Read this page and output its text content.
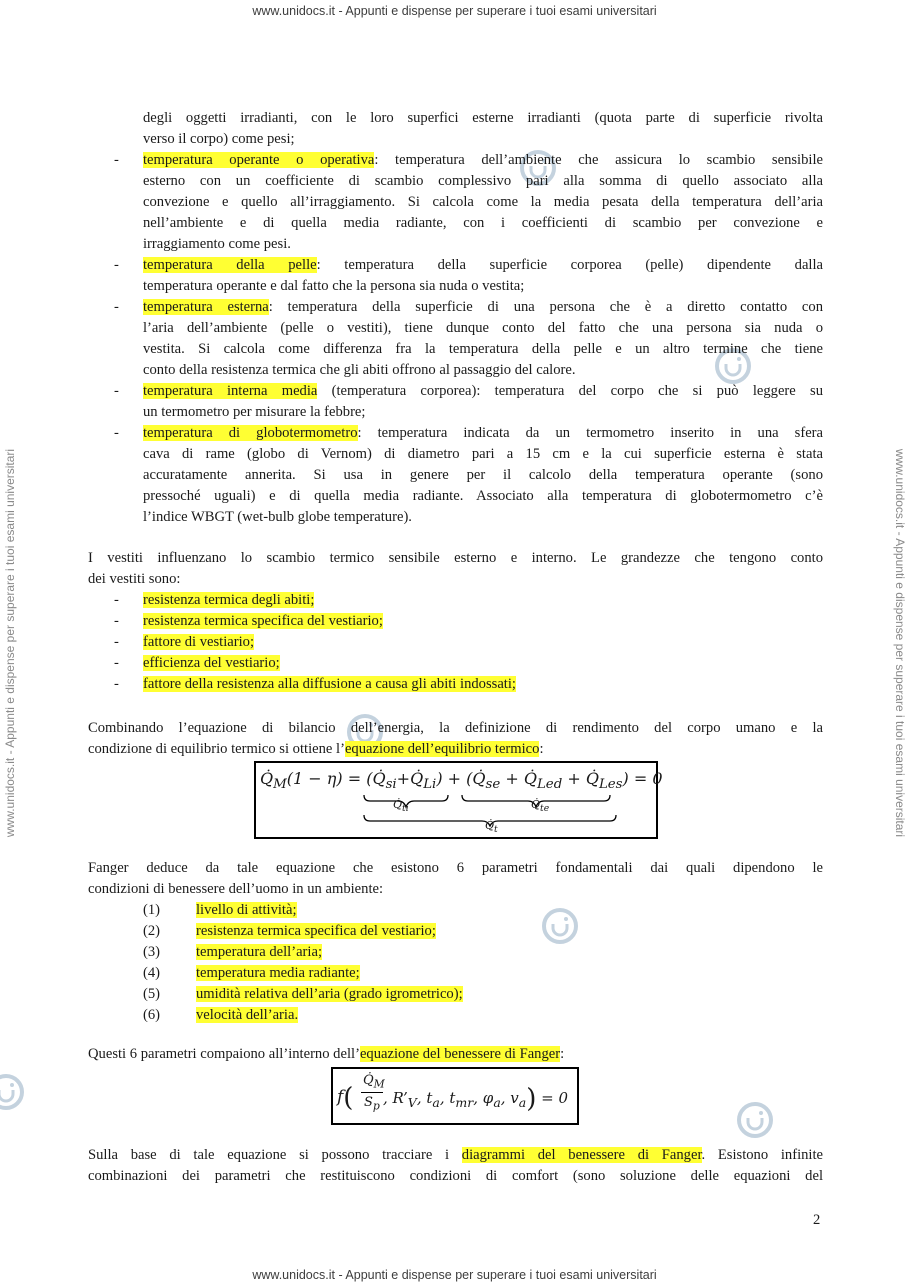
www.unidocs.it - Appunti e dispense per superare i tuoi esami universitari
www.unidocs.it - Appunti e dispense per superare i tuoi esami universitari
www.unidocs.it - Appunti e dispense per superare i tuoi esami universitari	www.unidocs.it - Appunti e dispense per superare i tuoi esami universitari
degli oggetti irradianti, con le loro superfici esterne irradianti (quota parte di superficie rivolta
verso il corpo) come pesi;
temperatura operante o operativa: temperatura dell’ambiente che assicura lo scambio sensibile
-
esterno con un coefficiente di scambio complessivo pari alla somma di quello associato alla
convezione e quello all’irraggiamento. Si calcola come la media pesata della temperatura dell’aria
nell’ambiente e di quella media radiante, con i coefficienti di scambio per convezione e
irraggiamento come pesi.
temperatura della pelle: temperatura della superficie corporea (pelle) dipendente dalla
-
temperatura operante e dal fatto che la persona sia nuda o vestita;
temperatura esterna: temperatura della superficie di una persona che è a diretto contatto con
-
l’aria dell’ambiente (pelle o vestiti), tiene dunque conto del fatto che una persona sia nuda o
vestita. Si calcola come differenza fra la temperatura della pelle e un altro termine che tiene
conto della resistenza termica che gli abiti offrono al passaggio del calore.
temperatura interna media (temperatura corporea): temperatura del corpo che si può leggere su
-
un termometro per misurare la febbre;
temperatura di globotermometro: temperatura indicata da un termometro inserito in una sfera
-
cava di rame (globo di Vernom) di diametro pari a 15 cm e la cui superficie esterna è stata
accuratamente annerita. Si usa in genere per il calcolo della temperatura operante (sono
pressoché uguali) e di quella media radiante. Associato alla temperatura di globotermometro c’è
l’indice WBGT (wet-bulb globe temperature).
I vestiti influenzano lo scambio termico sensibile esterno e interno. Le grandezze che tengono conto
dei vestiti sono:
- resistenza termica degli abiti;
- resistenza termica specifica del vestiario;
- fattore di vestiario;
- efficienza del vestiario;
- fattore della resistenza alla diffusione a causa gli abiti indossati;
Combinando l’equazione di bilancio dell’energia, la definizione di rendimento del corpo umano e la
condizione di equilibrio termico si ottiene l’equazione dell’equilibrio termico:
$Q̇_M(1 - \eta)$ = $(Q̇_{si}+Q̇_{Li})$ + ($Q̇_{se}$ + $Q̇_{Led}$ + $Q̇_{Les}) = 0$
$Q̇_{ti}$	$Q̇_{te}$
$Q̇_t$
Fanger deduce da tale equazione che esistono 6 parametri fondamentali dai quali dipendono le
condizioni di benessere dell’uomo in un ambiente:
(1) livello di attività;
(2) resistenza termica specifica del vestiario;
(3) temperatura dell’aria;
(4) temperatura media radiante;
(5) umidità relativa dell’aria (grado igrometrico);
(6) velocità dell’aria.
Questi 6 parametri compaiono all’interno dell’equazione del benessere di Fanger:
f(
$Q̇_M$
$S_p$ , $R’_V$, $t_a$, $t_{mr}$, $\varphi_a$, $v_a) = 0$
Sulla base di tale equazione si possono tracciare i diagrammi del benessere di Fanger. Esistono infinite
combinazioni dei parametri che restituiscono condizioni di comfort (sono soluzione delle equazioni del
2
